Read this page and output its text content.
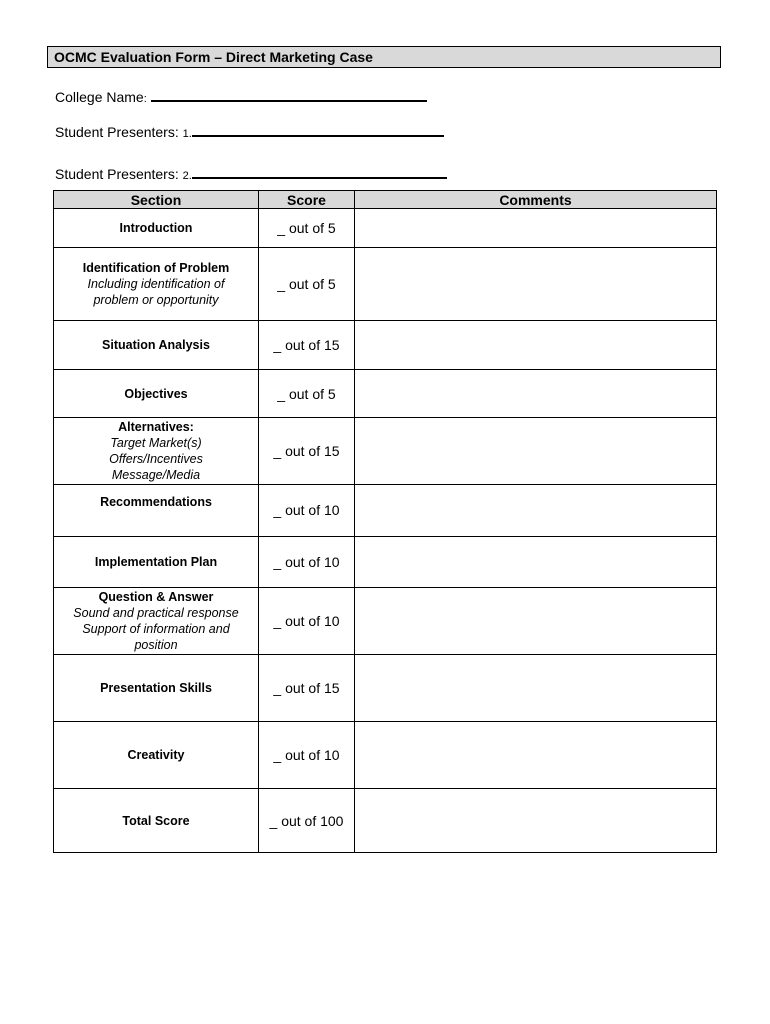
OCMC Evaluation Form – Direct Marketing Case
College Name:
Student Presenters: 1.
Student Presenters: 2.
Section	Score	Comments

Introduction	_ out of 5	

Identification of Problem
Including identification of
problem or opportunity	_ out of 5	

Situation Analysis	_ out of 15	

Objectives	_ out of 5	

Alternatives:
Target Market(s)
Offers/Incentives
Message/Media	_ out of 15	

Recommendations	_ out of 10	

Implementation Plan	_ out of 10	

Question & Answer
Sound and practical response
Support of information and
position	_ out of 10	

Presentation Skills	_ out of 15	

Creativity	_ out of 10	

Total Score	_ out of 100	
